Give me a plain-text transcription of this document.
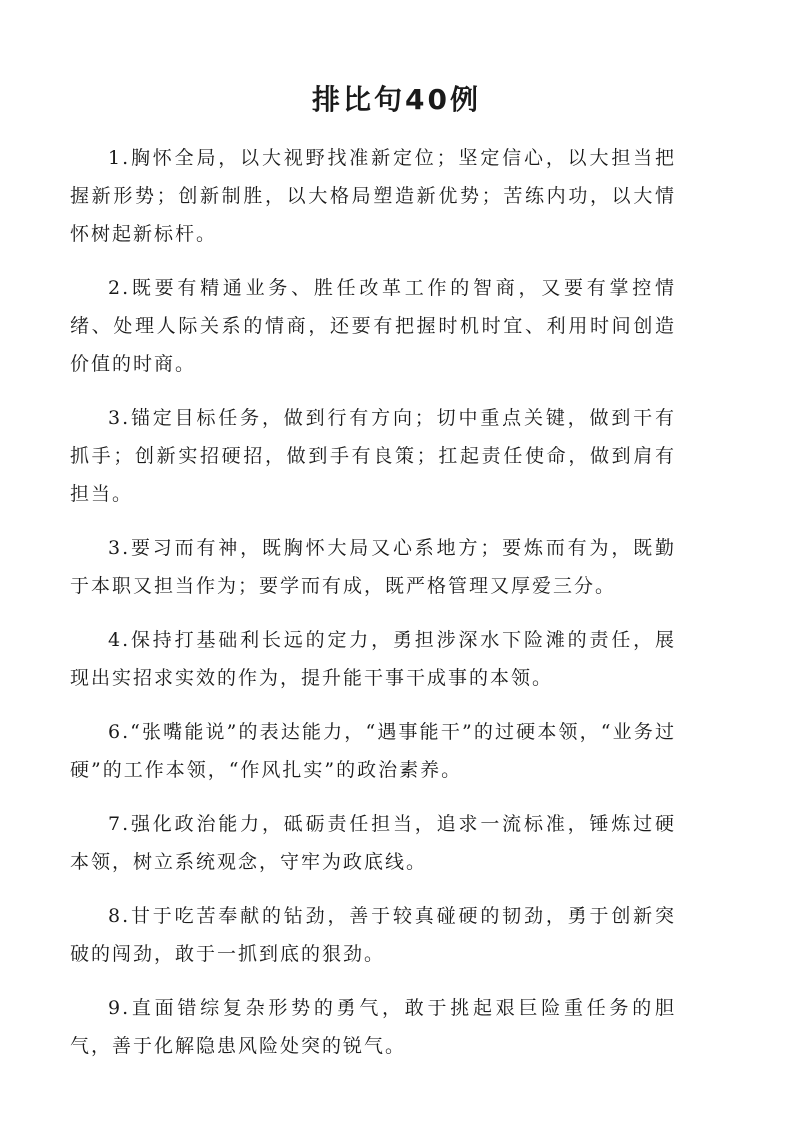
排比句40例

1.胸怀全局，以大视野找准新定位；坚定信心，以大担当把握新形势；创新制胜，以大格局塑造新优势；苦练内功，以大情怀树起新标杆。

2.既要有精通业务、胜任改革工作的智商，又要有掌控情绪、处理人际关系的情商，还要有把握时机时宜、利用时间创造价值的时商。

3.锚定目标任务，做到行有方向；切中重点关键，做到干有抓手；创新实招硬招，做到手有良策；扛起责任使命，做到肩有担当。

3.要习而有神，既胸怀大局又心系地方；要炼而有为，既勤于本职又担当作为；要学而有成，既严格管理又厚爱三分。

4.保持打基础利长远的定力，勇担涉深水下险滩的责任，展现出实招求实效的作为，提升能干事干成事的本领。

6.“张嘴能说”的表达能力，“遇事能干”的过硬本领，“业务过硬”的工作本领，“作风扎实”的政治素养。

7.强化政治能力，砥砺责任担当，追求一流标准，锤炼过硬本领，树立系统观念，守牢为政底线。

8.甘于吃苦奉献的钻劲，善于较真碰硬的韧劲，勇于创新突破的闯劲，敢于一抓到底的狠劲。

9.直面错综复杂形势的勇气，敢于挑起艰巨险重任务的胆气，善于化解隐患风险处突的锐气。
